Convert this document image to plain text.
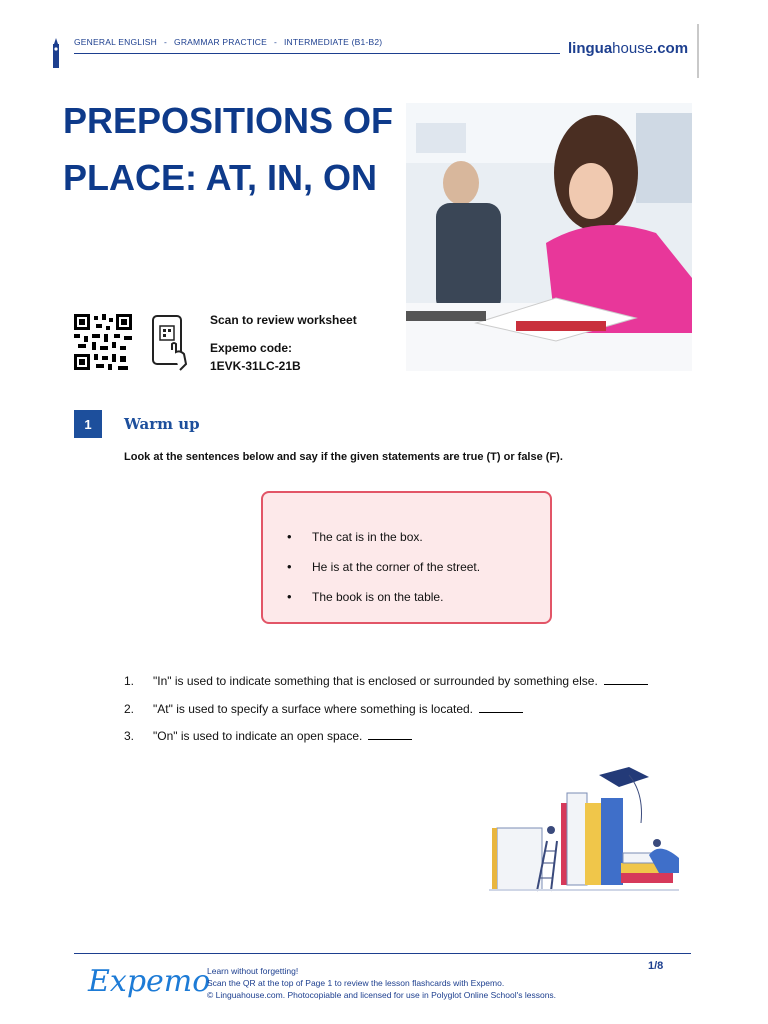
GENERAL ENGLISH - GRAMMAR PRACTICE - INTERMEDIATE (B1-B2)	linguahouse.com
PREPOSITIONS OF PLACE: AT, IN, ON
Scan to review worksheet
Expemo code:
1EVK-31LC-21B
1	Warm up
Look at the sentences below and say if the given statements are true (T) or false (F).
• The cat is in the box.
• He is at the corner of the street.
• The book is on the table.
1. "In" is used to indicate something that is enclosed or surrounded by something else.
2. "At" is used to specify a surface where something is located.
3. "On" is used to indicate an open space.
Expemo
Learn without forgetting!
Scan the QR at the top of Page 1 to review the lesson flashcards with Expemo.
© Linguahouse.com. Photocopiable and licensed for use in Polyglot Online School's lessons.
1/8
